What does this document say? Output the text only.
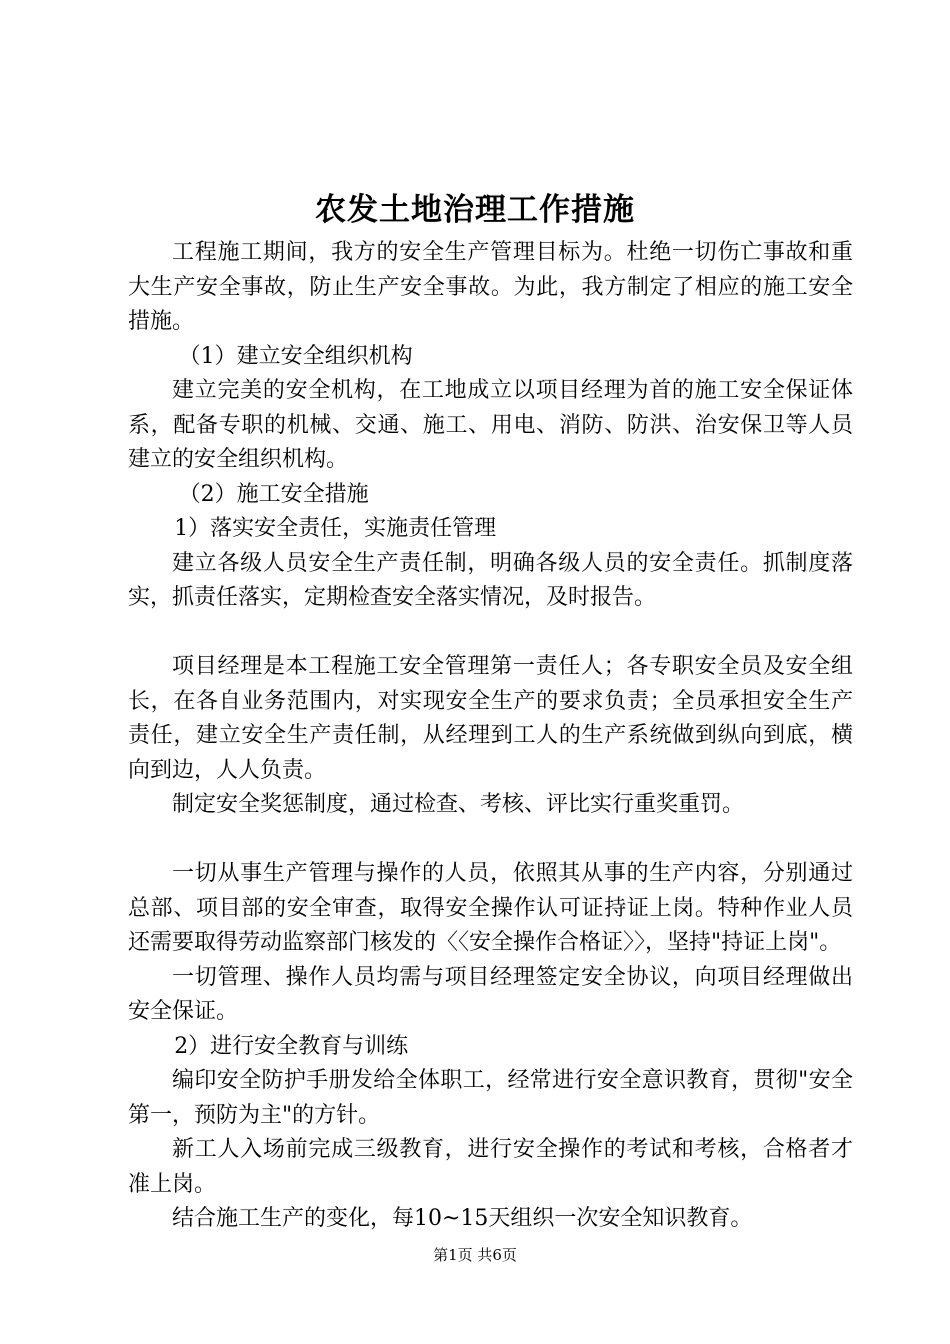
农发土地治理工作措施

工程施工期间，我方的安全生产管理目标为。杜绝一切伤亡事故和重大生产安全事故，防止生产安全事故。为此，我方制定了相应的施工安全措施。

（1）建立安全组织机构

建立完美的安全机构，在工地成立以项目经理为首的施工安全保证体系，配备专职的机械、交通、施工、用电、消防、防洪、治安保卫等人员建立的安全组织机构。

（2）施工安全措施

1）落实安全责任，实施责任管理

建立各级人员安全生产责任制，明确各级人员的安全责任。抓制度落实，抓责任落实，定期检查安全落实情况，及时报告。

项目经理是本工程施工安全管理第一责任人；各专职安全员及安全组长，在各自业务范围内，对实现安全生产的要求负责；全员承担安全生产责任，建立安全生产责任制，从经理到工人的生产系统做到纵向到底，横向到边，人人负责。

制定安全奖惩制度，通过检查、考核、评比实行重奖重罚。

一切从事生产管理与操作的人员，依照其从事的生产内容，分别通过总部、项目部的安全审查，取得安全操作认可证持证上岗。特种作业人员还需要取得劳动监察部门核发的〈〈安全操作合格证〉〉，坚持"持证上岗"。

一切管理、操作人员均需与项目经理签定安全协议，向项目经理做出安全保证。

2）进行安全教育与训练

编印安全防护手册发给全体职工，经常进行安全意识教育，贯彻"安全第一，预防为主"的方针。

新工人入场前完成三级教育，进行安全操作的考试和考核，合格者才准上岗。

结合施工生产的变化，每10~15天组织一次安全知识教育。

第1页 共6页
